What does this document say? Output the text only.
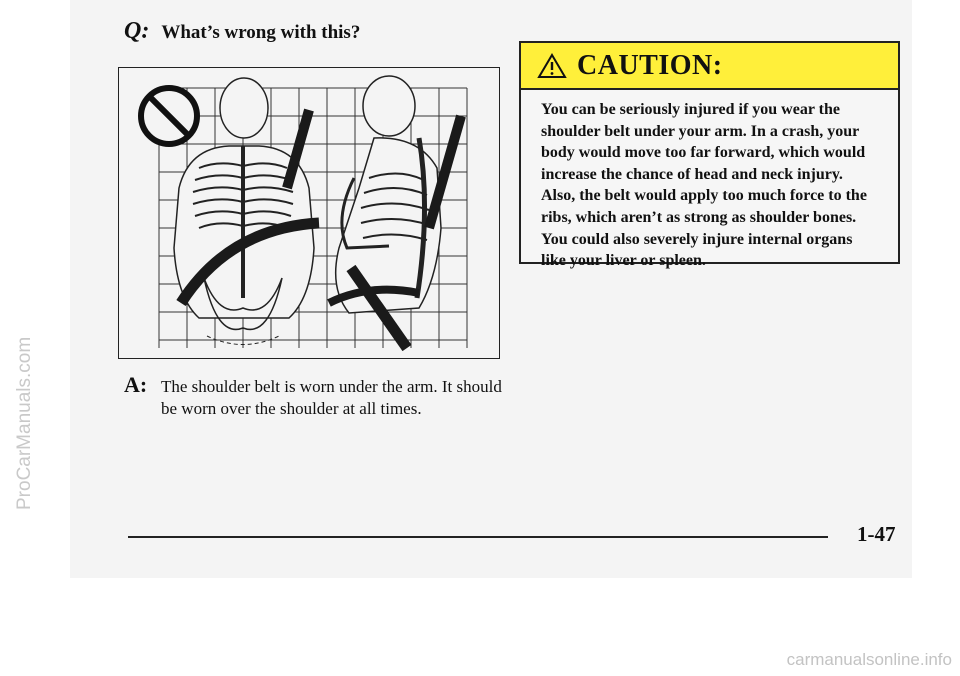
ProCarManuals.com
Q: What’s wrong with this?
A: The shoulder belt is worn under the arm. It should be worn over the shoulder at all times.
CAUTION:
You can be seriously injured if you wear the shoulder belt under your arm. In a crash, your body would move too far forward, which would increase the chance of head and neck injury. Also, the belt would apply too much force to the ribs, which aren’t as strong as shoulder bones. You could also severely injure internal organs like your liver or spleen.
1-47
carmanualsonline.info
